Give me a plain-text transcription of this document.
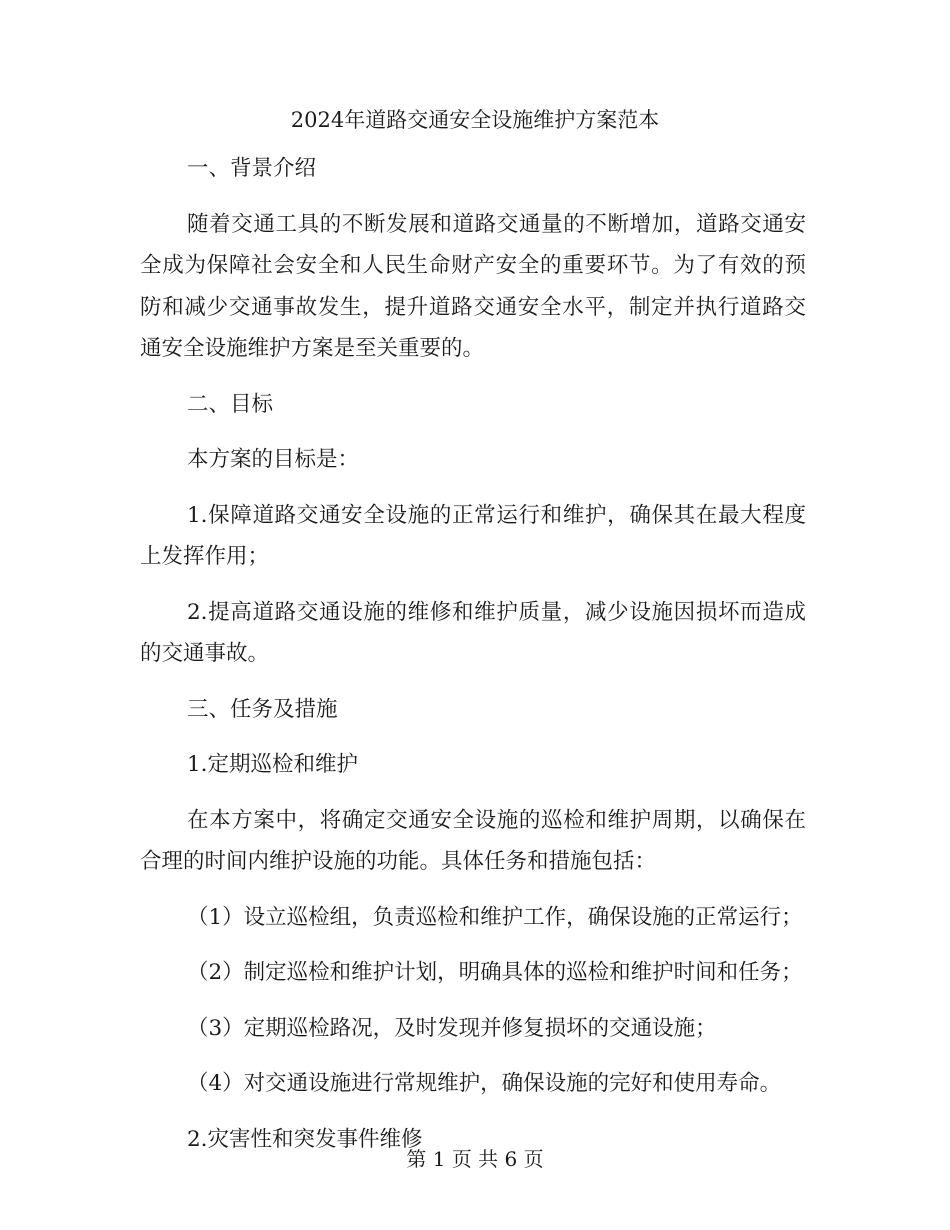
2024年道路交通安全设施维护方案范本

一、背景介绍

随着交通工具的不断发展和道路交通量的不断增加，道路交通安全成为保障社会安全和人民生命财产安全的重要环节。为了有效的预防和减少交通事故发生，提升道路交通安全水平，制定并执行道路交通安全设施维护方案是至关重要的。

二、目标

本方案的目标是：

1.保障道路交通安全设施的正常运行和维护，确保其在最大程度上发挥作用；

2.提高道路交通设施的维修和维护质量，减少设施因损坏而造成的交通事故。

三、任务及措施

1.定期巡检和维护

在本方案中，将确定交通安全设施的巡检和维护周期，以确保在合理的时间内维护设施的功能。具体任务和措施包括：

（1）设立巡检组，负责巡检和维护工作，确保设施的正常运行；

（2）制定巡检和维护计划，明确具体的巡检和维护时间和任务；

（3）定期巡检路况，及时发现并修复损坏的交通设施；

（4）对交通设施进行常规维护，确保设施的完好和使用寿命。

2.灾害性和突发事件维修

第 1 页 共 6 页
